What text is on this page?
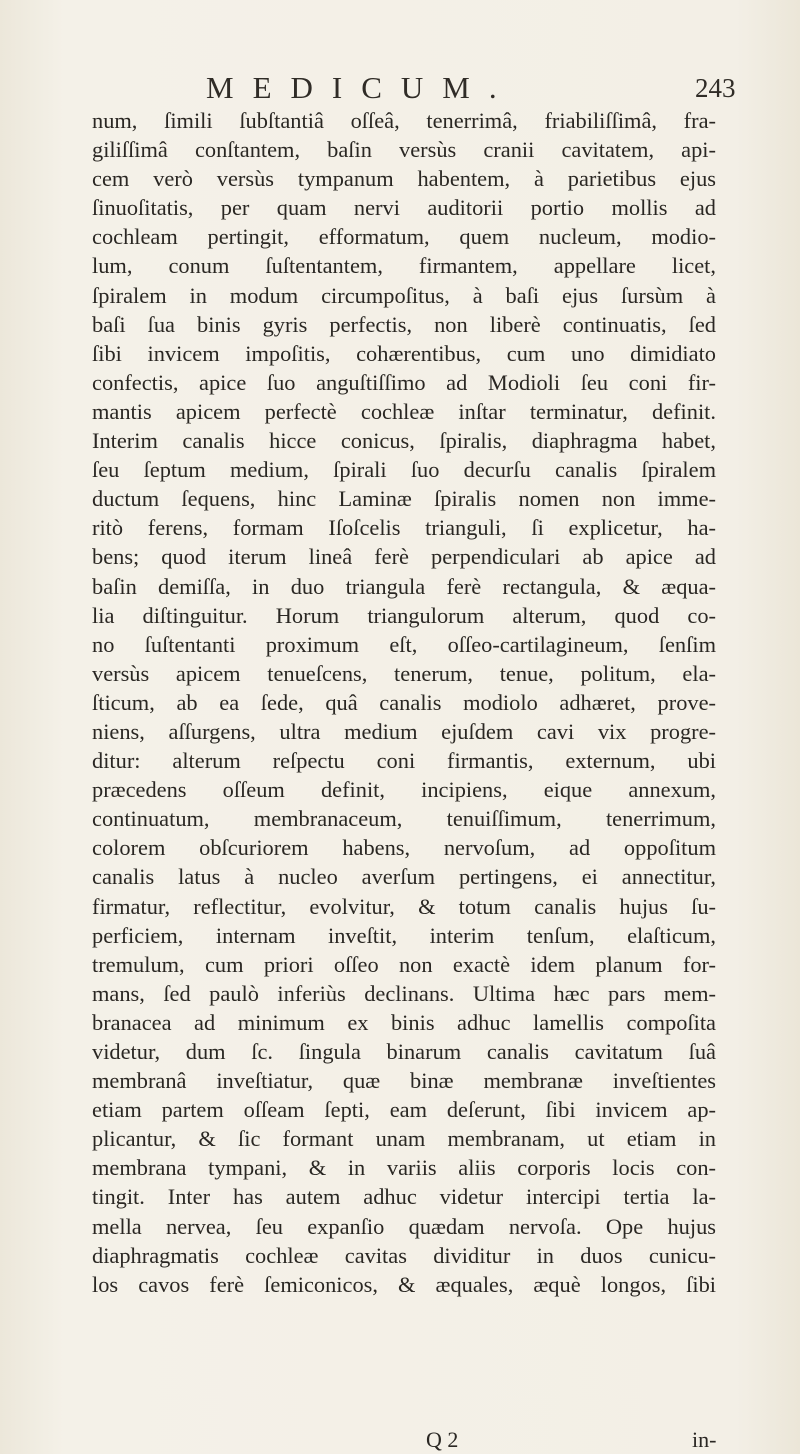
MEDICUM.	243
num, ſimili ſubſtantiâ oſſeâ, tenerrimâ, friabiliſſimâ, fra-
giliſſimâ conſtantem, baſin versùs cranii cavitatem, api-
cem verò versùs tympanum habentem, à parietibus ejus
ſinuoſitatis, per quam nervi auditorii portio mollis ad
cochleam pertingit, efformatum, quem nucleum, modio-
lum, conum ſuſtentantem, firmantem, appellare licet,
ſpiralem in modum circumpoſitus, à baſi ejus ſursùm à
baſi ſua binis gyris perfectis, non liberè continuatis, ſed
ſibi invicem impoſitis, cohærentibus, cum uno dimidiato
confectis, apice ſuo anguſtiſſimo ad Modioli ſeu coni fir-
mantis apicem perfectè cochleæ inſtar terminatur, definit.
Interim canalis hicce conicus, ſpiralis, diaphragma habet,
ſeu ſeptum medium, ſpirali ſuo decurſu canalis ſpiralem
ductum ſequens, hinc Laminæ ſpiralis nomen non imme-
ritò ferens, formam Iſoſcelis trianguli, ſi explicetur, ha-
bens; quod iterum lineâ ferè perpendiculari ab apice ad
baſin demiſſa, in duo triangula ferè rectangula, & æqua-
lia diſtinguitur. Horum triangulorum alterum, quod co-
no ſuſtentanti proximum eſt, oſſeo-cartilagineum, ſenſim
versùs apicem tenueſcens, tenerum, tenue, politum, ela-
ſticum, ab ea ſede, quâ canalis modiolo adhæret, prove-
niens, aſſurgens, ultra medium ejuſdem cavi vix progre-
ditur: alterum reſpectu coni firmantis, externum, ubi
præcedens oſſeum definit, incipiens, eique annexum,
continuatum, membranaceum, tenuiſſimum, tenerrimum,
colorem obſcuriorem habens, nervoſum, ad oppoſitum
canalis latus à nucleo averſum pertingens, ei annectitur,
firmatur, reflectitur, evolvitur, & totum canalis hujus ſu-
perficiem, internam inveſtit, interim tenſum, elaſticum,
tremulum, cum priori oſſeo non exactè idem planum for-
mans, ſed paulò inferiùs declinans. Ultima hæc pars mem-
branacea ad minimum ex binis adhuc lamellis compoſita
videtur, dum ſc. ſingula binarum canalis cavitatum ſuâ
membranâ inveſtiatur, quæ binæ membranæ inveſtientes
etiam partem oſſeam ſepti, eam deſerunt, ſibi invicem ap-
plicantur, & ſic formant unam membranam, ut etiam in
membrana tympani, & in variis aliis corporis locis con-
tingit. Inter has autem adhuc videtur intercipi tertia la-
mella nervea, ſeu expanſio quædam nervoſa. Ope hujus
diaphragmatis cochleæ cavitas dividitur in duos cunicu-
los cavos ferè ſemiconicos, & æquales, æquè longos, ſibi
Q 2	in-
